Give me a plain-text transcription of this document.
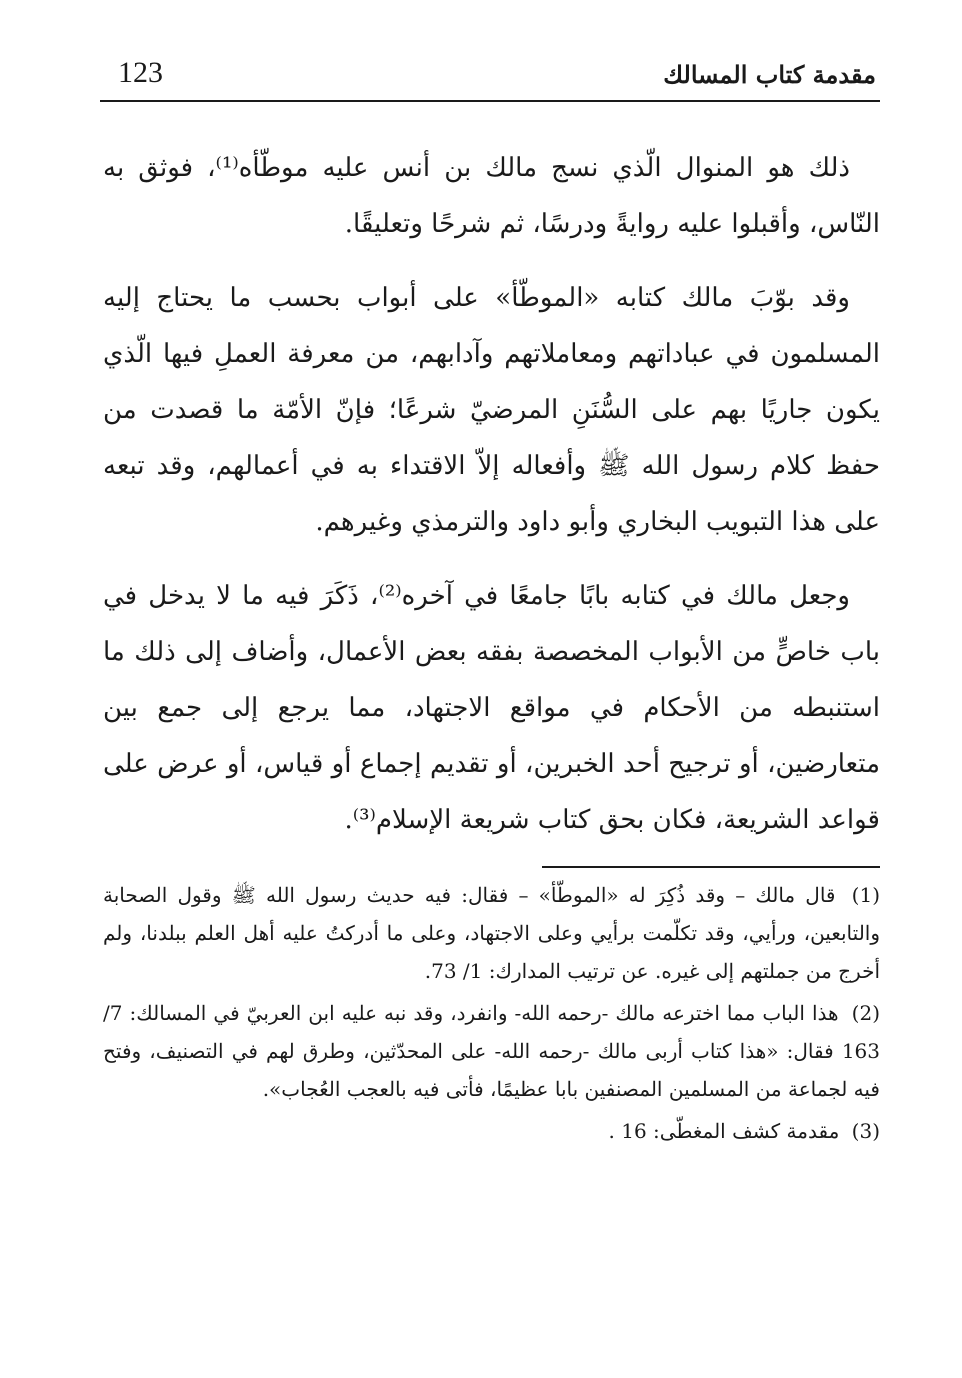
123	مقدمة كتاب المسالك

ذلك هو المنوال الّذي نسج مالك بن أنس عليه موطّأه⁽¹⁾، فوثق به النّاس، وأقبلوا عليه روايةً ودرسًا، ثم شرحًا وتعليقًا.

وقد بوّبَ مالك كتابه «الموطّأ» على أبواب بحسب ما يحتاج إليه المسلمون في عباداتهم ومعاملاتهم وآدابهم، من معرفة العملِ فيها الّذي يكون جاريًا بهم على السُّنَنِ المرضيّ شرعًا؛ فإنّ الأمّة ما قصدت من حفظ كلام رسول الله ﷺ وأفعاله إلاّ الاقتداء به في أعمالهم، وقد تبعه على هذا التبويب البخاري وأبو داود والترمذي وغيرهم.

وجعل مالك في كتابه بابًا جامعًا في آخره⁽²⁾، ذَكَرَ فيه ما لا يدخل في باب خاصٍّ من الأبواب المخصصة بفقه بعض الأعمال، وأضاف إلى ذلك ما استنبطه من الأحكام في مواقع الاجتهاد، مما يرجع إلى جمع بين متعارضين، أو ترجيح أحد الخبرين، أو تقديم إجماع أو قياس، أو عرض على قواعد الشريعة، فكان بحق كتاب شريعة الإسلام⁽³⁾.

(1) قال مالك – وقد ذُكِرَ له «الموطّأ» – فقال: فيه حديث رسول الله ﷺ وقول الصحابة والتابعين، ورأيي، وقد تكلّمت برأيي وعلى الاجتهاد، وعلى ما أدركتُ عليه أهل العلم ببلدنا، ولم أخرج من جملتهم إلى غيره. عن ترتيب المدارك: 1/ 73.
(2) هذا الباب مما اخترعه مالك -رحمه الله- وانفرد، وقد نبه عليه ابن العربيّ في المسالك: 7/ 163 فقال: «هذا كتاب أربى مالك -رحمه الله- على المحدّثين، وطرق لهم في التصنيف، وفتح فيه لجماعة من المسلمين المصنفين بابا عظيمًا، فأتى فيه بالعجب العُجاب».
(3) مقدمة كشف المغطّى: 16 .
